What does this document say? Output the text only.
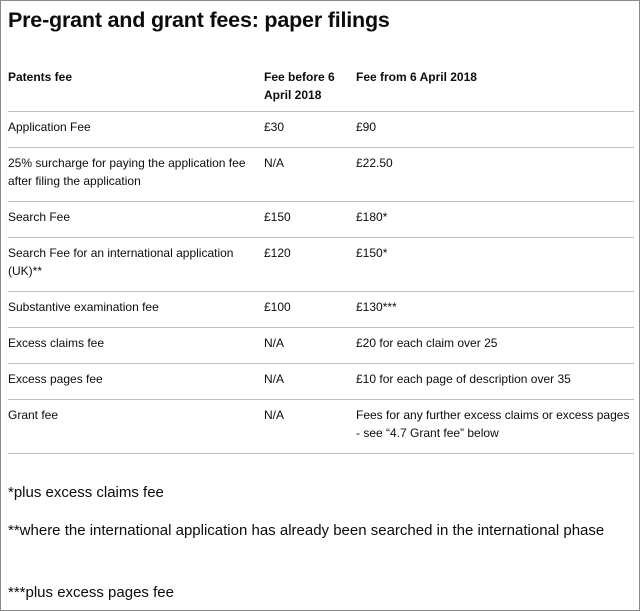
Pre-grant and grant fees: paper filings
Patents fee	Fee before 6 April 2018	Fee from 6 April 2018
Application Fee	£30	£90
25% surcharge for paying the application fee after filing the application	N/A	£22.50
Search Fee	£150	£180*
Search Fee for an international application (UK)**	£120	£150*
Substantive examination fee	£100	£130***
Excess claims fee	N/A	£20 for each claim over 25
Excess pages fee	N/A	£10 for each page of description over 35
Grant fee	N/A	Fees for any further excess claims or excess pages - see “4.7 Grant fee” below

*plus excess claims fee

**where the international application has already been searched in the international phase

***plus excess pages fee
